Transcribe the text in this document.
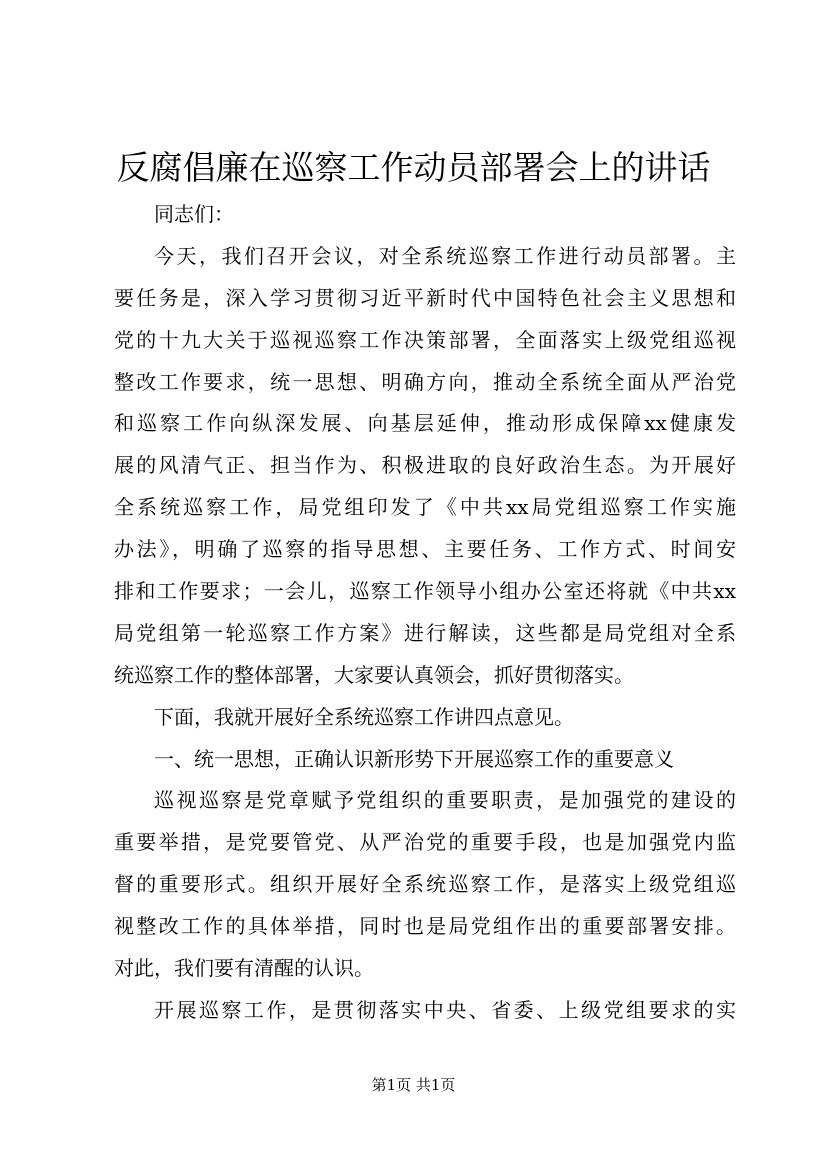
反腐倡廉在巡察工作动员部署会上的讲话
同志们：
今天，我们召开会议，对全系统巡察工作进行动员部署。主
要任务是，深入学习贯彻习近平新时代中国特色社会主义思想和
党的十九大关于巡视巡察工作决策部署，全面落实上级党组巡视
整改工作要求，统一思想、明确方向，推动全系统全面从严治党
和巡察工作向纵深发展、向基层延伸，推动形成保障xx健康发
展的风清气正、担当作为、积极进取的良好政治生态。为开展好
全系统巡察工作，局党组印发了《中共xx局党组巡察工作实施
办法》，明确了巡察的指导思想、主要任务、工作方式、时间安
排和工作要求；一会儿，巡察工作领导小组办公室还将就《中共xx
局党组第一轮巡察工作方案》进行解读，这些都是局党组对全系
统巡察工作的整体部署，大家要认真领会，抓好贯彻落实。
下面，我就开展好全系统巡察工作讲四点意见。
一、统一思想，正确认识新形势下开展巡察工作的重要意义
巡视巡察是党章赋予党组织的重要职责，是加强党的建设的
重要举措，是党要管党、从严治党的重要手段，也是加强党内监
督的重要形式。组织开展好全系统巡察工作，是落实上级党组巡
视整改工作的具体举措，同时也是局党组作出的重要部署安排。
对此，我们要有清醒的认识。
开展巡察工作，是贯彻落实中央、省委、上级党组要求的实
第1页 共1页
